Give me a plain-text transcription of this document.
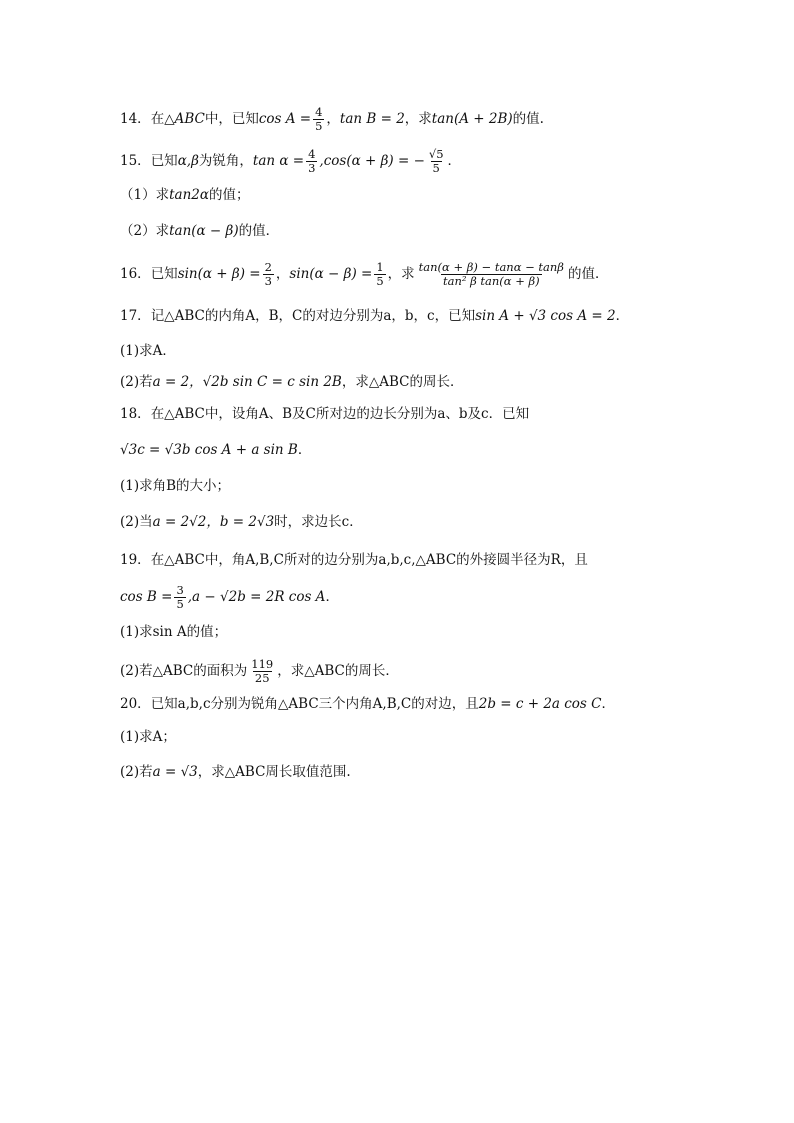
14．在△ABC中，已知$\cos A = \frac{4}{5}$ ，tan B = 2，求tan(A + 2B)的值.
15．已知α,β为锐角，$\tan \alpha = \frac{4}{3} ,\cos(\alpha + \beta)$ = − $\frac{√5}{5}$ ．
（1）求tan2α的值；
（2）求tan(α − β)的值．
16．已知$\sin(\alpha + \beta) = \frac{2}{3}$ ，$\sin(\alpha - \beta) = \frac{1}{5}$ ，求 $\frac{\tan(\alpha + \beta) - \tan\alpha - \tan\beta}{\text{tan² β tan(α + β)}}$ 的值．
17．记△ABC的内角A，B，C的对边分别为a，b，c，已知sin A + √3 cos A = 2．
(1)求A．
(2)若a = 2，√2b sin C = c sin 2B，求△ABC的周长．
18．在△ABC中，设角A、B及C所对边的边长分别为a、b及c．已知
√3c = √3b cos A + a sin B．
(1)求角B的大小；
(2)当a = 2√2，b = 2√3时，求边长c．
19．在△ABC中，角A,B,C所对的边分别为a,b,c,△ABC的外接圆半径为R，且
$\cos B = \frac{3}{5} ,a - √2b = 2R$ cos A．
(1)求sin A的值；
(2)若△ABC的面积为 $\frac{119}{25}$ ，求△ABC的周长．
20．已知a,b,c分别为锐角△ABC三个内角A,B,C的对边，且2b = c + 2a cos C．
(1)求A；
(2)若a = √3，求△ABC周长取值范围.
